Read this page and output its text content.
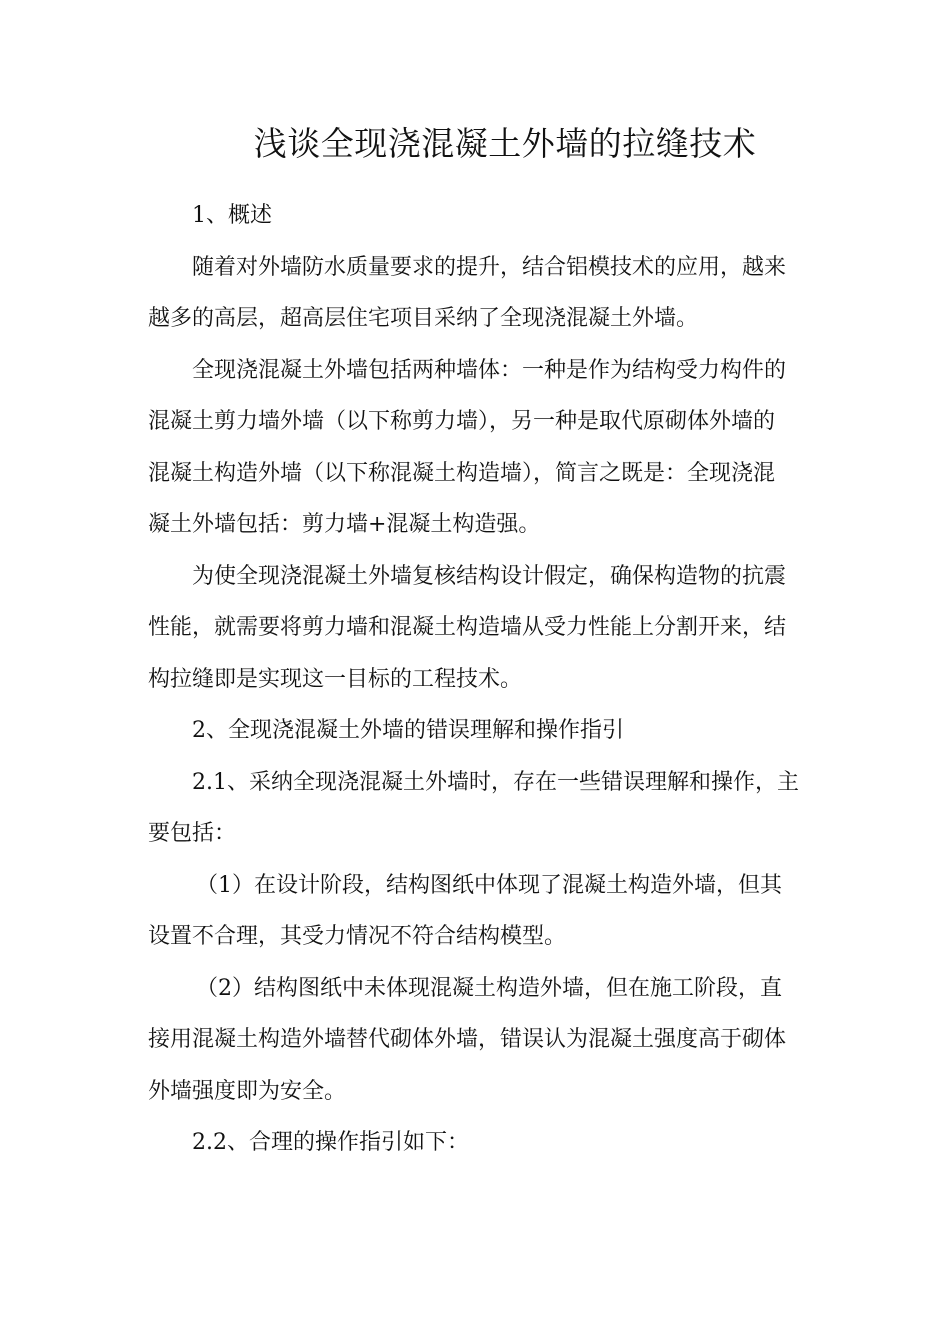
浅谈全现浇混凝土外墙的拉缝技术
1、概述
随着对外墙防水质量要求的提升，结合铝模技术的应用，越来
越多的高层，超高层住宅项目采纳了全现浇混凝土外墙。
全现浇混凝土外墙包括两种墙体：一种是作为结构受力构件的
混凝土剪力墙外墙（以下称剪力墙），另一种是取代原砌体外墙的
混凝土构造外墙（以下称混凝土构造墙），简言之既是：全现浇混
凝土外墙包括：剪力墙+混凝土构造强。
为使全现浇混凝土外墙复核结构设计假定，确保构造物的抗震
性能，就需要将剪力墙和混凝土构造墙从受力性能上分割开来，结
构拉缝即是实现这一目标的工程技术。
2、全现浇混凝土外墙的错误理解和操作指引
2.1、采纳全现浇混凝土外墙时，存在一些错误理解和操作，主
要包括：
（1）在设计阶段，结构图纸中体现了混凝土构造外墙，但其
设置不合理，其受力情况不符合结构模型。
（2）结构图纸中未体现混凝土构造外墙，但在施工阶段，直
接用混凝土构造外墙替代砌体外墙，错误认为混凝土强度高于砌体
外墙强度即为安全。
2.2、合理的操作指引如下：
